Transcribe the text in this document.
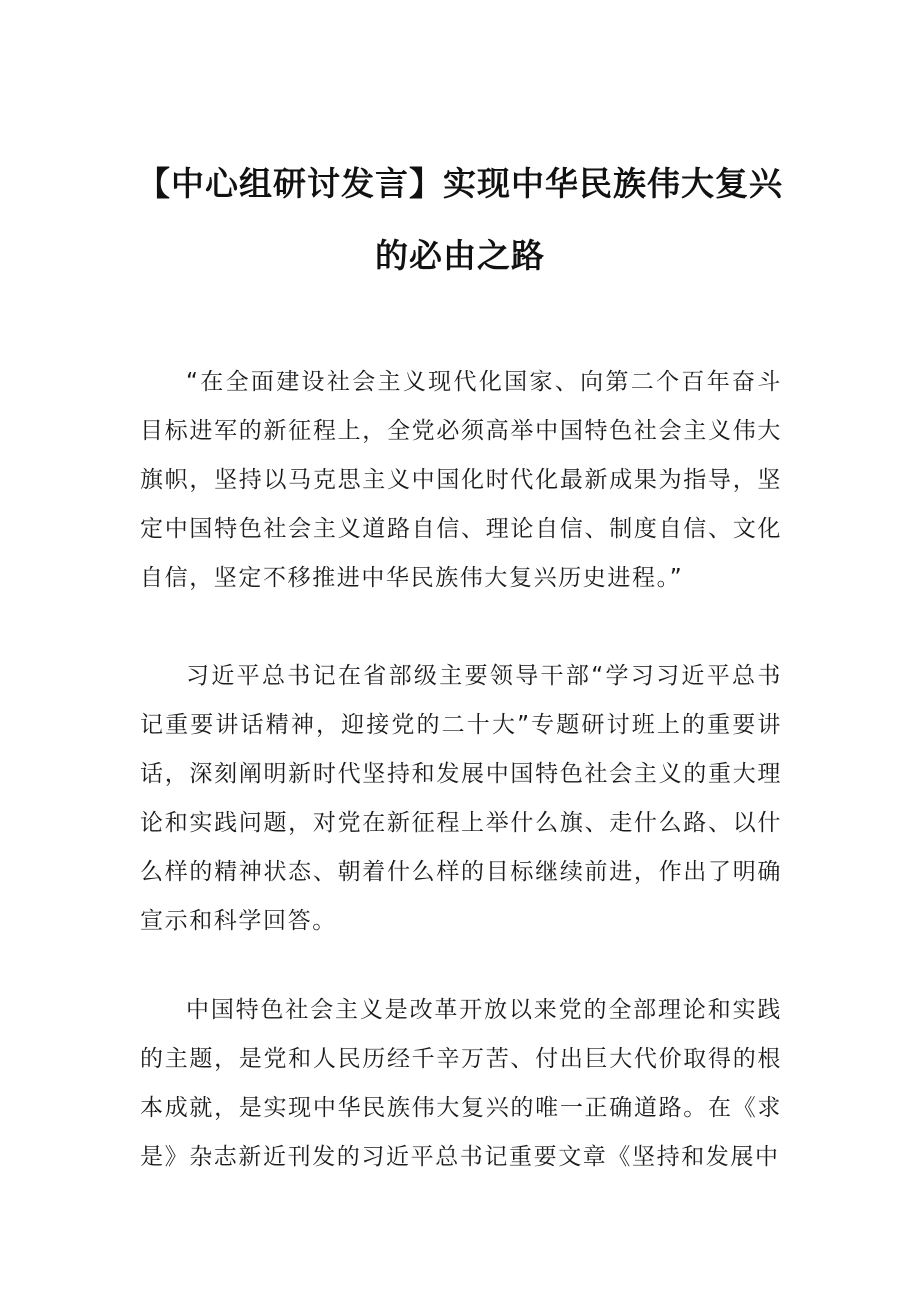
【中心组研讨发言】实现中华民族伟大复兴
的必由之路

“在全面建设社会主义现代化国家、向第二个百年奋斗目标进军的新征程上，全党必须高举中国特色社会主义伟大旗帜，坚持以马克思主义中国化时代化最新成果为指导，坚定中国特色社会主义道路自信、理论自信、制度自信、文化自信，坚定不移推进中华民族伟大复兴历史进程。”

习近平总书记在省部级主要领导干部“学习习近平总书记重要讲话精神，迎接党的二十大”专题研讨班上的重要讲话，深刻阐明新时代坚持和发展中国特色社会主义的重大理论和实践问题，对党在新征程上举什么旗、走什么路、以什么样的精神状态、朝着什么样的目标继续前进，作出了明确宣示和科学回答。

中国特色社会主义是改革开放以来党的全部理论和实践的主题，是党和人民历经千辛万苦、付出巨大代价取得的根本成就，是实现中华民族伟大复兴的唯一正确道路。在《求是》杂志新近刊发的习近平总书记重要文章《坚持和发展中
